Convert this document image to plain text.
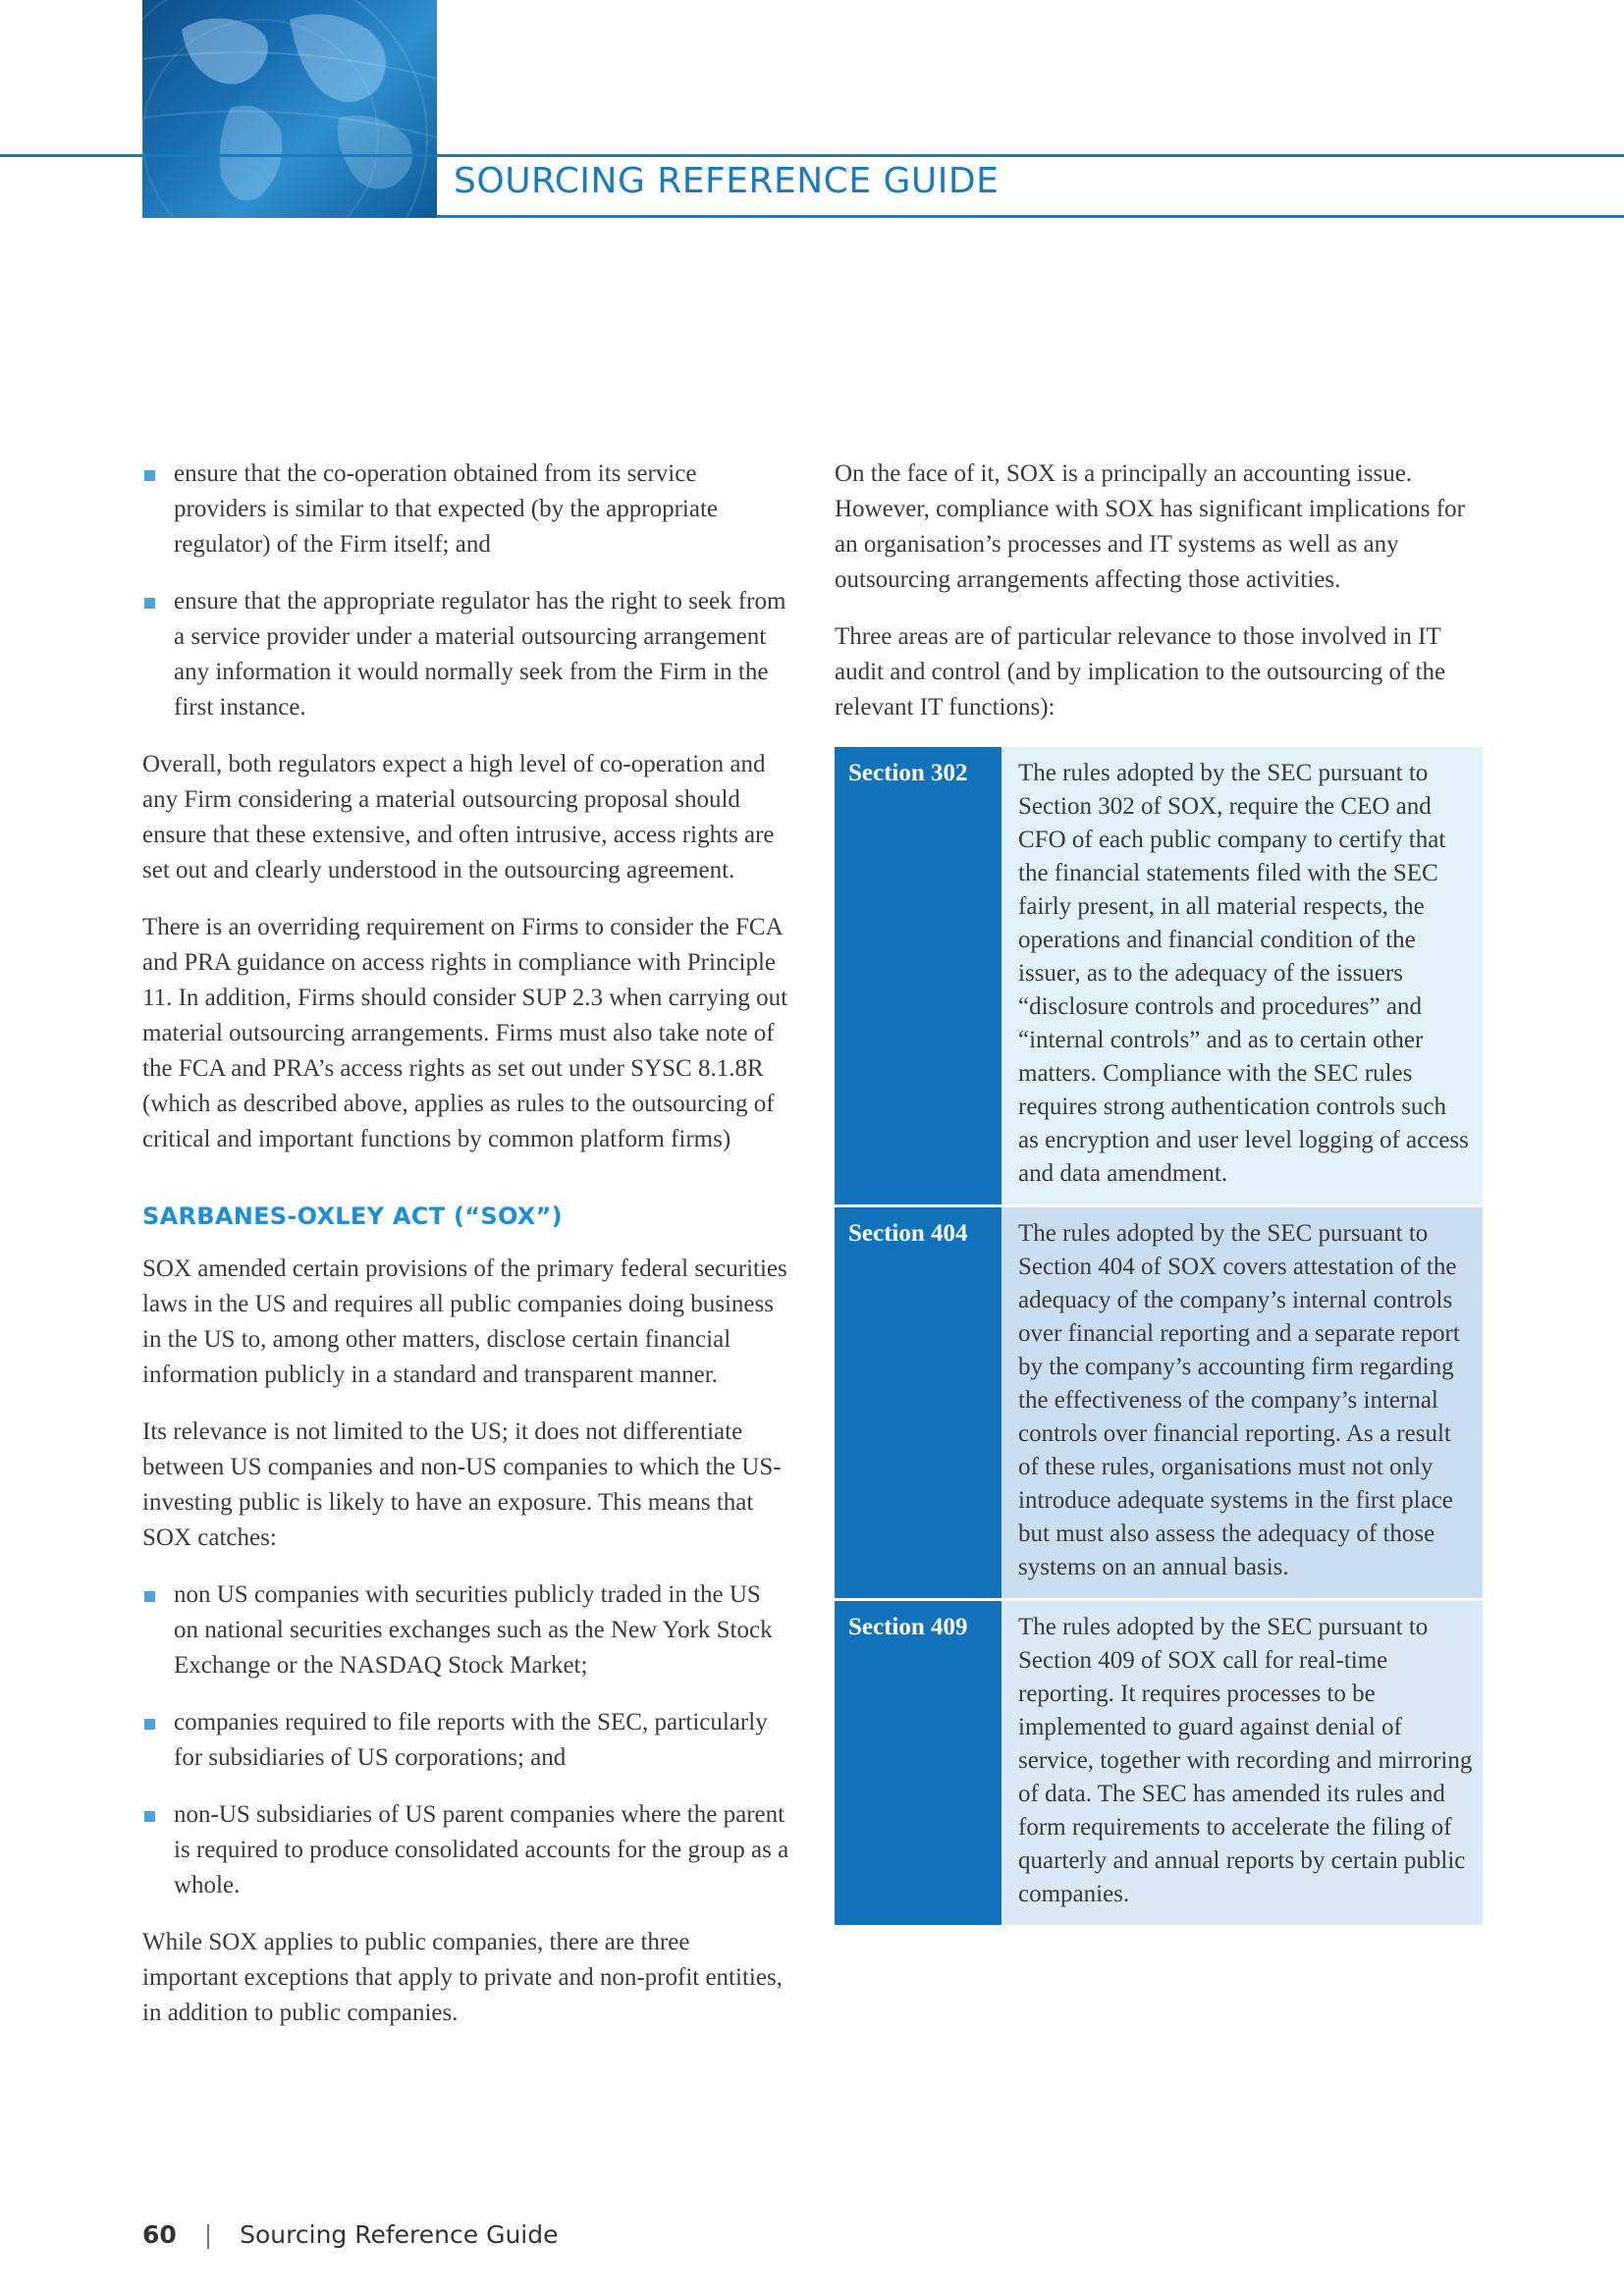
SOURCING REFERENCE GUIDE
ensure that the co-operation obtained from its service providers is similar to that expected (by the appropriate regulator) of the Firm itself; and
ensure that the appropriate regulator has the right to seek from a service provider under a material outsourcing arrangement any information it would normally seek from the Firm in the first instance.

Overall, both regulators expect a high level of co-operation and any Firm considering a material outsourcing proposal should ensure that these extensive, and often intrusive, access rights are set out and clearly understood in the outsourcing agreement.

There is an overriding requirement on Firms to consider the FCA and PRA guidance on access rights in compliance with Principle 11. In addition, Firms should consider SUP 2.3 when carrying out material outsourcing arrangements. Firms must also take note of the FCA and PRA’s access rights as set out under SYSC 8.1.8R (which as described above, applies as rules to the outsourcing of critical and important functions by common platform firms)

SARBANES-OXLEY ACT (“SOX”)

SOX amended certain provisions of the primary federal securities laws in the US and requires all public companies doing business in the US to, among other matters, disclose certain financial information publicly in a standard and transparent manner.

Its relevance is not limited to the US; it does not differentiate between US companies and non-US companies to which the US-investing public is likely to have an exposure. This means that SOX catches:

non US companies with securities publicly traded in the US on national securities exchanges such as the New York Stock Exchange or the NASDAQ Stock Market;
companies required to file reports with the SEC, particularly for subsidiaries of US corporations; and
non-US subsidiaries of US parent companies where the parent is required to produce consolidated accounts for the group as a whole.

While SOX applies to public companies, there are three important exceptions that apply to private and non-profit entities, in addition to public companies.

On the face of it, SOX is a principally an accounting issue. However, compliance with SOX has significant implications for an organisation’s processes and IT systems as well as any outsourcing arrangements affecting those activities.

Three areas are of particular relevance to those involved in IT audit and control (and by implication to the outsourcing of the relevant IT functions):

Section 302	The rules adopted by the SEC pursuant to Section 302 of SOX, require the CEO and CFO of each public company to certify that the financial statements filed with the SEC fairly present, in all material respects, the operations and financial condition of the issuer, as to the adequacy of the issuers “disclosure controls and procedures” and “internal controls” and as to certain other matters. Compliance with the SEC rules requires strong authentication controls such as encryption and user level logging of access and data amendment.
Section 404	The rules adopted by the SEC pursuant to Section 404 of SOX covers attestation of the adequacy of the company’s internal controls over financial reporting and a separate report by the company’s accounting firm regarding the effectiveness of the company’s internal controls over financial reporting. As a result of these rules, organisations must not only introduce adequate systems in the first place but must also assess the adequacy of those systems on an annual basis.
Section 409	The rules adopted by the SEC pursuant to Section 409 of SOX call for real-time reporting. It requires processes to be implemented to guard against denial of service, together with recording and mirroring of data. The SEC has amended its rules and form requirements to accelerate the filing of quarterly and annual reports by certain public companies.
60 | Sourcing Reference Guide
